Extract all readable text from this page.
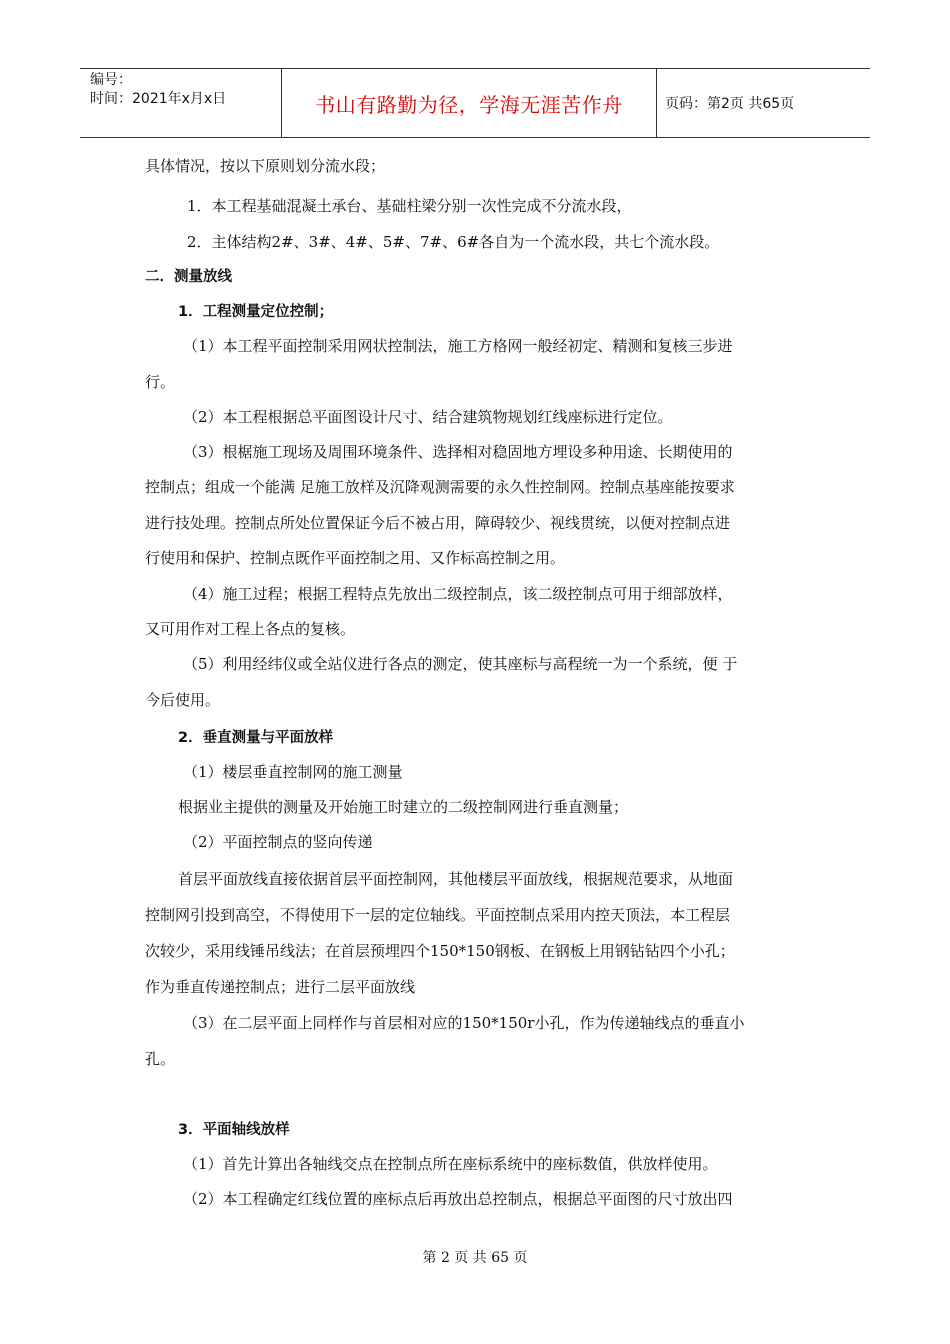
编号：
时间：2021年x月x日	书山有路勤为径，学海无涯苦作舟	页码：第2页 共65页
具体情况，按以下原则划分流水段；
1．本工程基础混凝土承台、基础柱梁分别一次性完成不分流水段，
2．主体结构2#、3#、4#、5#、7#、6#各自为一个流水段，共七个流水段。
二．测量放线
1．工程测量定位控制；
（1）本工程平面控制采用网状控制法，施工方格网一般经初定、精测和复核三步进
行。
（2）本工程根据总平面图设计尺寸、结合建筑物规划红线座标进行定位。
（3）根椐施工现场及周围环境条件、选择相对稳固地方埋设多种用途、长期使用的
控制点；组成一个能满 足施工放样及沉降观测需要的永久性控制网。控制点基座能按要求
进行技处理。控制点所处位置保证今后不被占用，障碍较少、视线贯统，以便对控制点进
行使用和保护、控制点既作平面控制之用、又作标高控制之用。
（4）施工过程；根据工程特点先放出二级控制点，该二级控制点可用于细部放样，
又可用作对工程上各点的复核。
（5）利用经纬仪或全站仪进行各点的测定，使其座标与高程统一为一个系统，便 于
今后使用。
2．垂直测量与平面放样
（1）楼层垂直控制网的施工测量
根据业主提供的测量及开始施工时建立的二级控制网进行垂直测量；
（2）平面控制点的竖向传递
首层平面放线直接依据首层平面控制网，其他楼层平面放线，根据规范要求，从地面
控制网引投到高空，不得使用下一层的定位轴线。平面控制点采用内控天顶法，本工程层
次较少，采用线锤吊线法；在首层预埋四个150*150钢板、在钢板上用钢钻钻四个小孔；
作为垂直传递控制点；进行二层平面放线
（3）在二层平面上同样作与首层相对应的150*150r小孔，作为传递轴线点的垂直小
孔。
3．平面轴线放样
（1）首先计算出各轴线交点在控制点所在座标系统中的座标数值，供放样使用。
（2）本工程确定红线位置的座标点后再放出总控制点，根据总平面图的尺寸放出四
第 2 页 共 65 页
